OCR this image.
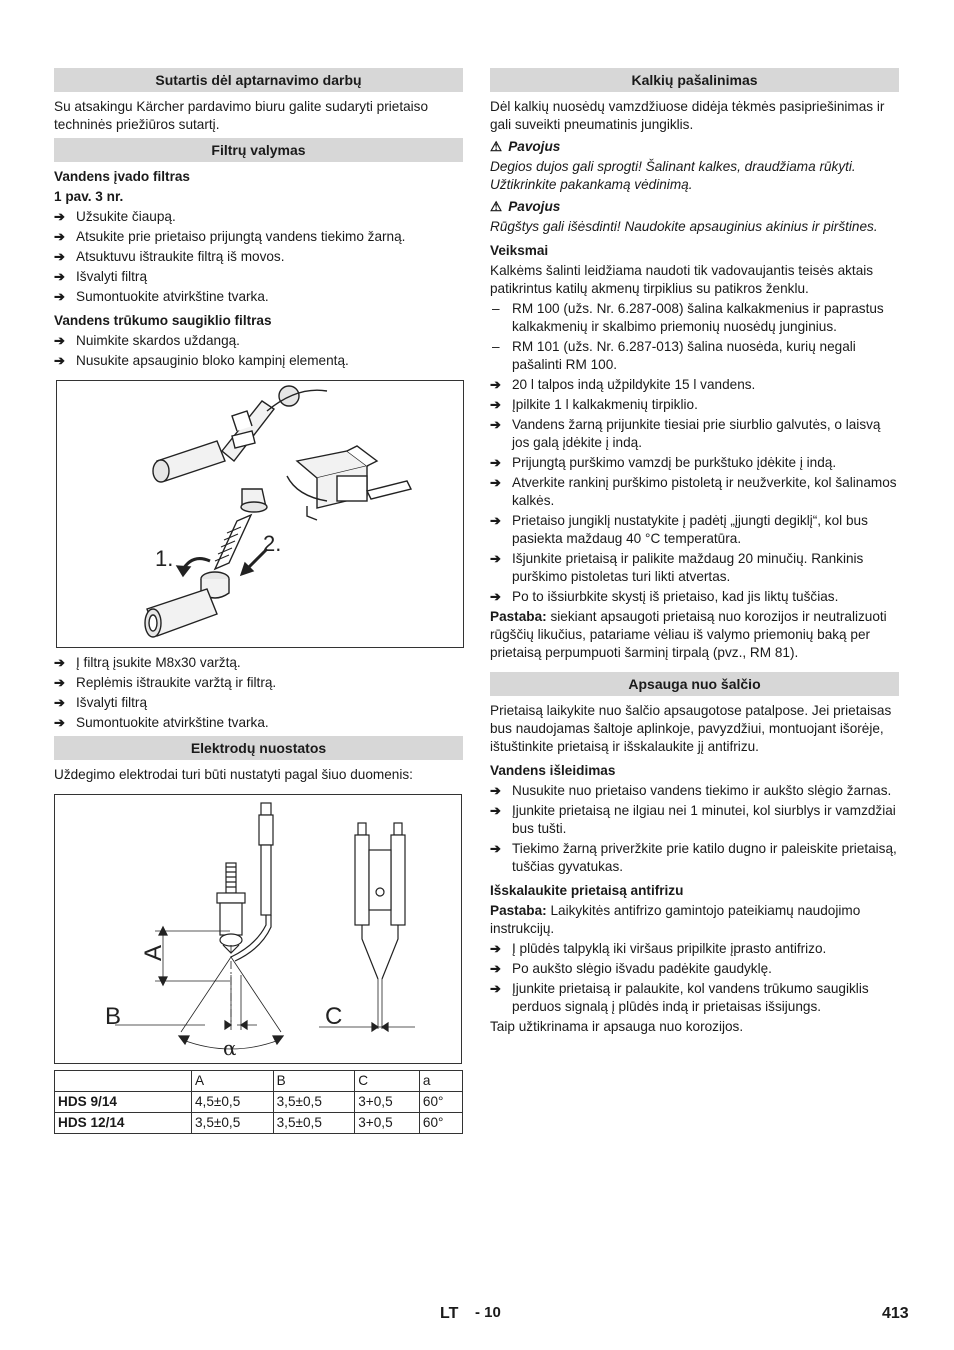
Sutartis dėl aptarnavimo darbų

Su atsakingu Kärcher pardavimo biuru galite sudaryti prietaiso techninės priežiūros sutartį.

Filtrų valymas

Vandens įvado filtras

1 pav. 3 nr.

➔ Užsukite čiaupą.

➔ Atsukite prie prietaiso prijungtą vandens tiekimo žarną.

➔ Atsuktuvu ištraukite filtrą iš movos.

➔ Išvalyti filtrą

➔ Sumontuokite atvirkštine tvarka.

Vandens trūkumo saugiklio filtras

➔ Nuimkite skardos uždangą.

➔ Nusukite apsauginio bloko kampinį elementą.

1.
2.

➔ Į filtrą įsukite M8x30 varžtą.

➔ Replėmis ištraukite varžtą ir filtrą.

➔ Išvalyti filtrą

➔ Sumontuokite atvirkštine tvarka.

Elektrodų nuostatos

Uždegimo elektrodai turi būti nustatyti pagal šiuo duomenis:

A
B	C
α
	A	B	C	a
HDS 9/14	4,5±0,5	3,5±0,5	3+0,5	60°
HDS 12/14	3,5±0,5	3,5±0,5	3+0,5	60°
Kalkių pašalinimas

Dėl kalkių nuosėdų vamzdžiuose didėja tėkmės pasipriešinimas ir gali suveikti pneumatinis jungiklis.

⚠ Pavojus

Degios dujos gali sprogti! Šalinant kalkes, draudžiama rūkyti. Užtikrinkite pakankamą vėdinimą.

⚠ Pavojus

Rūgštys gali išėsdinti! Naudokite apsauginius akinius ir pirštines.

Veiksmai

Kalkėms šalinti leidžiama naudoti tik vadovaujantis teisės aktais patikrintus katilų akmenų tirpiklius su patikros ženklu.

– RM 100 (užs. Nr. 6.287-008) šalina kalkakmenius ir paprastus kalkakmenių ir skalbimo priemonių nuosėdų junginius.

– RM 101 (užs. Nr. 6.287-013) šalina nuosėda, kurių negali pašalinti RM 100.

➔ 20 l talpos indą užpildykite 15 l vandens.

➔ Įpilkite 1 l kalkakmenių tirpiklio.

➔ Vandens žarną prijunkite tiesiai prie siurblio galvutės, o laisvą jos galą įdėkite į indą.

➔ Prijungtą purškimo vamzdį be purkštuko įdėkite į indą.

➔ Atverkite rankinį purškimo pistoletą ir neužverkite, kol šalinamos kalkės.

➔ Prietaiso jungiklį nustatykite į padėtį „įjungti degiklį“, kol bus pasiekta maždaug 40 °C temperatūra.

➔ Išjunkite prietaisą ir palikite maždaug 20 minučių. Rankinis purškimo pistoletas turi likti atvertas.

➔ Po to išsiurbkite skystį iš prietaiso, kad jis liktų tuščias.

Pastaba: siekiant apsaugoti prietaisą nuo korozijos ir neutralizuoti rūgščių likučius, patariame vėliau iš valymo priemonių baką per prietaisą perpumpuoti šarminį tirpalą (pvz., RM 81).

Apsauga nuo šalčio

Prietaisą laikykite nuo šalčio apsaugotose patalpose. Jei prietaisas bus naudojamas šaltoje aplinkoje, pavyzdžiui, montuojant išorėje, ištuštinkite prietaisą ir išskalaukite jį antifrizu.

Vandens išleidimas

➔ Nusukite nuo prietaiso vandens tiekimo ir aukšto slėgio žarnas.

➔ Įjunkite prietaisą ne ilgiau nei 1 minutei, kol siurblys ir vamzdžiai bus tušti.

➔ Tiekimo žarną priveržkite prie katilo dugno ir paleiskite prietaisą, tuščias gyvatukas.

Išskalaukite prietaisą antifrizu

Pastaba: Laikykitės antifrizo gamintojo pateikiamų naudojimo instrukcijų.

➔ Į plūdės talpyklą iki viršaus pripilkite įprasto antifrizo.

➔ Po aukšto slėgio išvadu padėkite gaudyklę.

➔ Įjunkite prietaisą ir palaukite, kol vandens trūkumo saugiklis perduos signalą į plūdės indą ir prietaisas išsijungs.

Taip užtikrinama ir apsauga nuo korozijos.

LT - 10	413
